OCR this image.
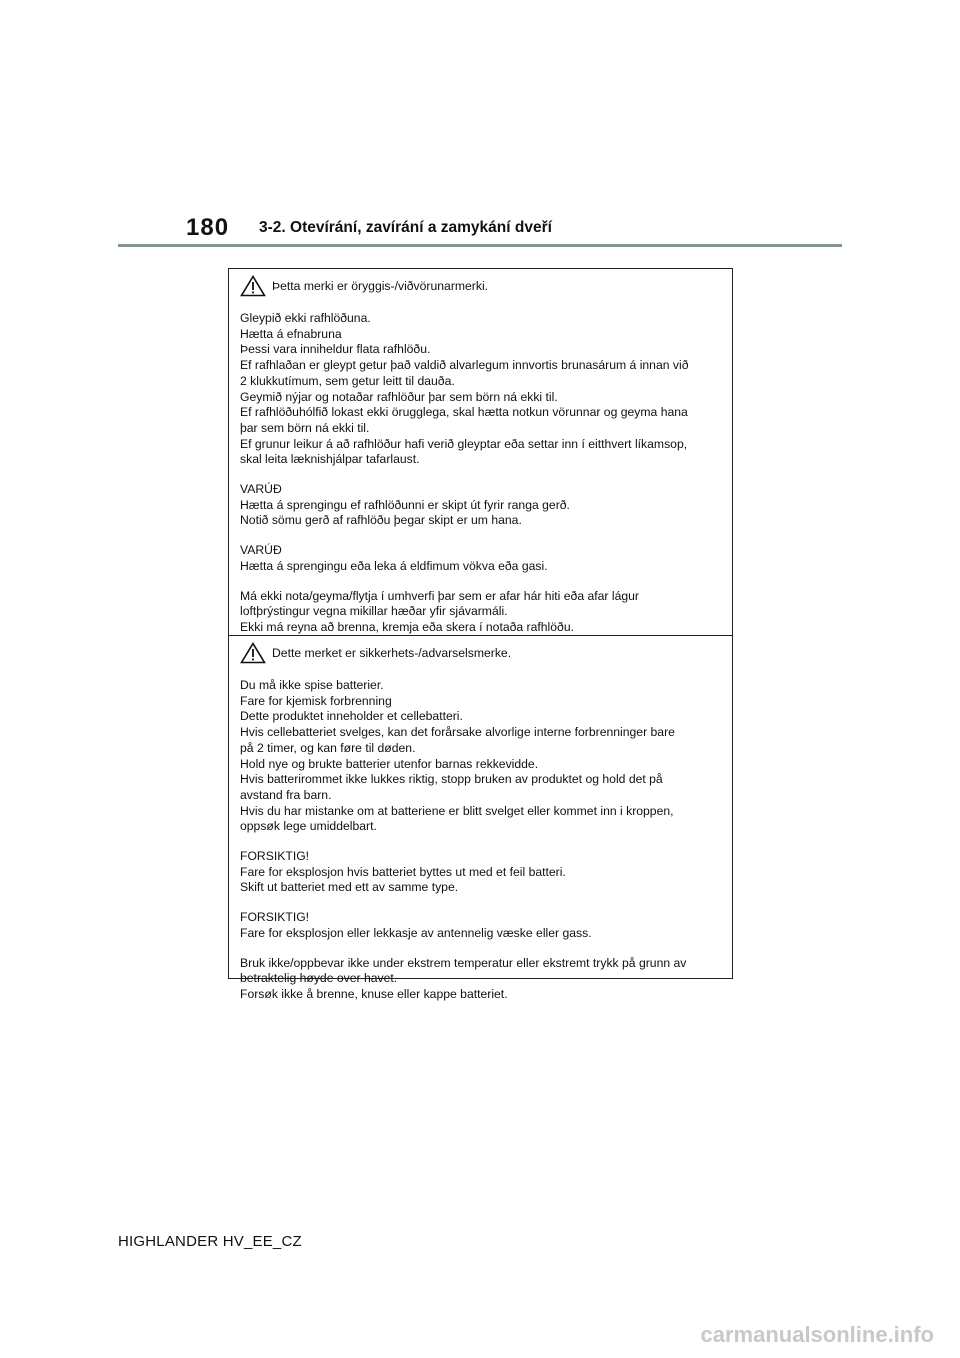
180 3-2. Otevírání, zavírání a zamykání dveří
Þetta merki er öryggis-/viðvörunarmerki.
Gleypið ekki rafhlöðuna.
Hætta á efnabruna
Þessi vara inniheldur flata rafhlöðu.
Ef rafhlaðan er gleypt getur það valdið alvarlegum innvortis brunasárum á innan við
2 klukkutímum, sem getur leitt til dauða.
Geymið nýjar og notaðar rafhlöður þar sem börn ná ekki til.
Ef rafhlöðuhólfið lokast ekki örugglega, skal hætta notkun vörunnar og geyma hana
þar sem börn ná ekki til.
Ef grunur leikur á að rafhlöður hafi verið gleyptar eða settar inn í eitthvert líkamsop,
skal leita læknishjálpar tafarlaust.
VARÚÐ
Hætta á sprengingu ef rafhlöðunni er skipt út fyrir ranga gerð.
Notið sömu gerð af rafhlöðu þegar skipt er um hana.
VARÚÐ
Hætta á sprengingu eða leka á eldfimum vökva eða gasi.
Má ekki nota/geyma/flytja í umhverfi þar sem er afar hár hiti eða afar lágur
loftþrýstingur vegna mikillar hæðar yfir sjávarmáli.
Ekki má reyna að brenna, kremja eða skera í notaða rafhlöðu.
Dette merket er sikkerhets-/advarselsmerke.
Du må ikke spise batterier.
Fare for kjemisk forbrenning
Dette produktet inneholder et cellebatteri.
Hvis cellebatteriet svelges, kan det forårsake alvorlige interne forbrenninger bare
på 2 timer, og kan føre til døden.
Hold nye og brukte batterier utenfor barnas rekkevidde.
Hvis batterirommet ikke lukkes riktig, stopp bruken av produktet og hold det på
avstand fra barn.
Hvis du har mistanke om at batteriene er blitt svelget eller kommet inn i kroppen,
oppsøk lege umiddelbart.
FORSIKTIG!
Fare for eksplosjon hvis batteriet byttes ut med et feil batteri.
Skift ut batteriet med ett av samme type.
FORSIKTIG!
Fare for eksplosjon eller lekkasje av antennelig væske eller gass.
Bruk ikke/oppbevar ikke under ekstrem temperatur eller ekstremt trykk på grunn av
betraktelig høyde over havet.
Forsøk ikke å brenne, knuse eller kappe batteriet.
HIGHLANDER HV_EE_CZ
carmanualsonline.info
